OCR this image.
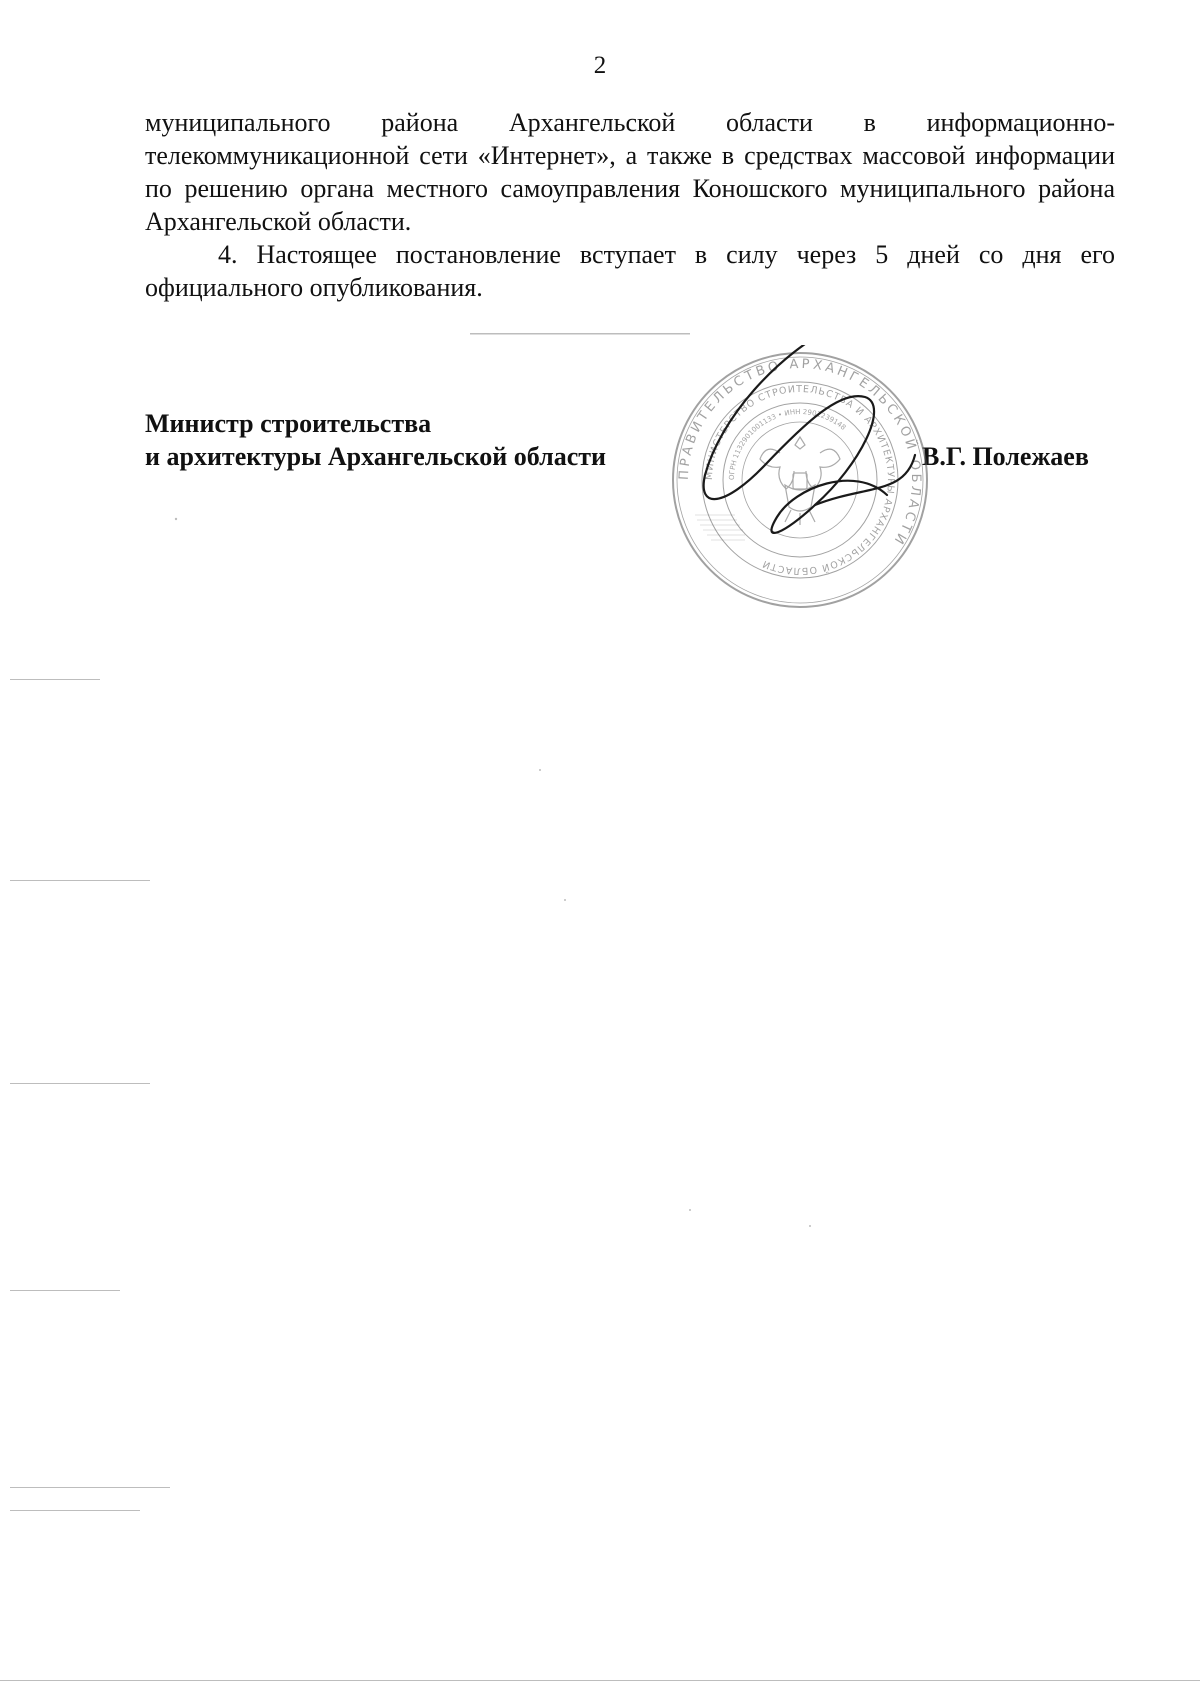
2

муниципального района Архангельской области в информационно-телекоммуникационной сети «Интернет», а также в средствах массовой информации по решению органа местного самоуправления Коношского муниципального района Архангельской области.

4. Настоящее постановление вступает в силу через 5 дней со дня его официального опубликования.

Министр строительства
и архитектуры Архангельской области	В.Г. Полежаев
ПРАВИТЕЛЬСТВО АРХАНГЕЛЬСКОЙ ОБЛАСТИ
МИНИСТЕРСТВО СТРОИТЕЛЬСТВА И АРХИТЕКТУРЫ АРХАНГЕЛЬСКОЙ ОБЛАСТИ
ОГРН 1132901001133 • ИНН 2901239148
